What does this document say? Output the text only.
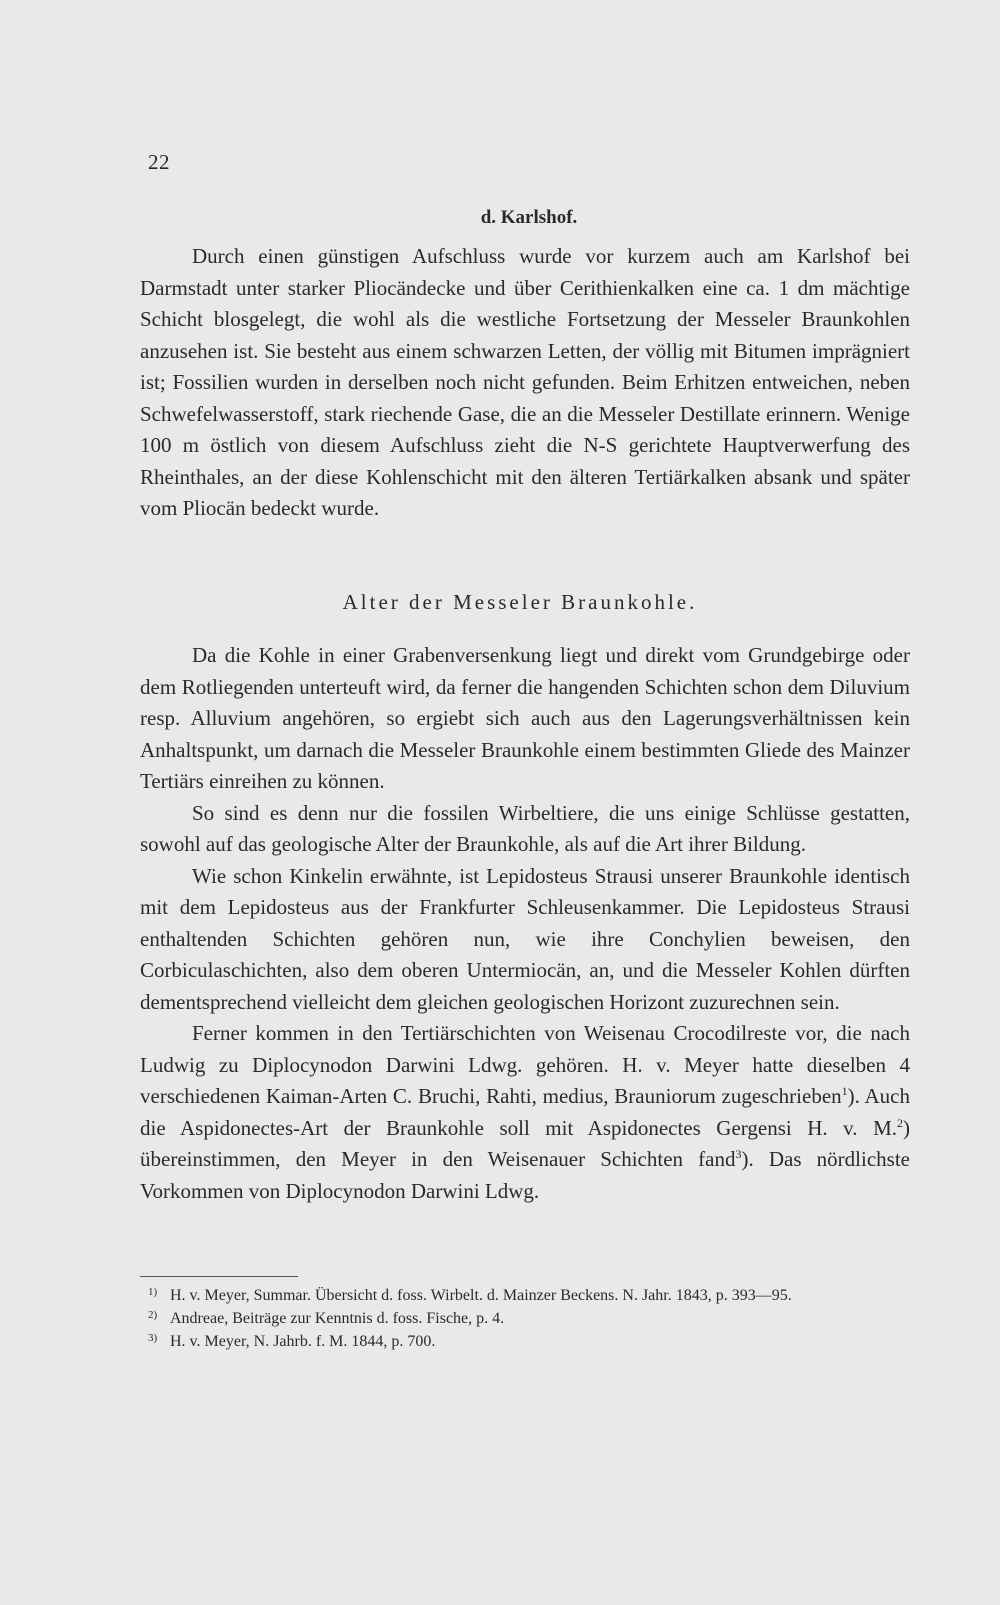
22
d. Karlshof.

Durch einen günstigen Aufschluss wurde vor kurzem auch am Karlshof bei Darmstadt unter starker Pliocändecke und über Cerithienkalken eine ca. 1 dm mächtige Schicht blosgelegt, die wohl als die westliche Fortsetzung der Messeler Braunkohlen anzusehen ist. Sie besteht aus einem schwarzen Letten, der völlig mit Bitumen imprägniert ist; Fossilien wurden in derselben noch nicht gefunden. Beim Erhitzen entweichen, neben Schwefelwasserstoff, stark riechende Gase, die an die Messeler Destillate erinnern. Wenige 100 m östlich von diesem Aufschluss zieht die N-S gerichtete Hauptverwerfung des Rheinthales, an der diese Kohlenschicht mit den älteren Tertiärkalken absank und später vom Pliocän bedeckt wurde.

Alter der Messeler Braunkohle.

Da die Kohle in einer Grabenversenkung liegt und direkt vom Grundgebirge oder dem Rotliegenden unterteuft wird, da ferner die hangenden Schichten schon dem Diluvium resp. Alluvium angehören, so ergiebt sich auch aus den Lagerungsverhältnissen kein Anhaltspunkt, um darnach die Messeler Braunkohle einem bestimmten Gliede des Mainzer Tertiärs einreihen zu können.

So sind es denn nur die fossilen Wirbeltiere, die uns einige Schlüsse gestatten, sowohl auf das geologische Alter der Braunkohle, als auf die Art ihrer Bildung.

Wie schon Kinkelin erwähnte, ist Lepidosteus Strausi unserer Braunkohle identisch mit dem Lepidosteus aus der Frankfurter Schleusenkammer. Die Lepidosteus Strausi enthaltenden Schichten gehören nun, wie ihre Conchylien beweisen, den Corbiculaschichten, also dem oberen Untermiocän, an, und die Messeler Kohlen dürften dementsprechend vielleicht dem gleichen geologischen Horizont zuzurechnen sein.

Ferner kommen in den Tertiärschichten von Weisenau Crocodilreste vor, die nach Ludwig zu Diplocynodon Darwini Ldwg. gehören. H. v. Meyer hatte dieselben 4 verschiedenen Kaiman-Arten C. Bruchi, Rahti, medius, Brauniorum zugeschrieben$^1$). Auch die Aspidonectes-Art der Braunkohle soll mit Aspidonectes Gergensi H. v. M.$^2$) übereinstimmen, den Meyer in den Weisenauer Schichten fand$^3$). Das nördlichste Vorkommen von Diplocynodon Darwini Ldwg.

1) H. v. Meyer, Summar. Übersicht d. foss. Wirbelt. d. Mainzer Beckens. N. Jahr. 1843, p. 393—95.
2) Andreae, Beiträge zur Kenntnis d. foss. Fische, p. 4.
3) H. v. Meyer, N. Jahrb. f. M. 1844, p. 700.
